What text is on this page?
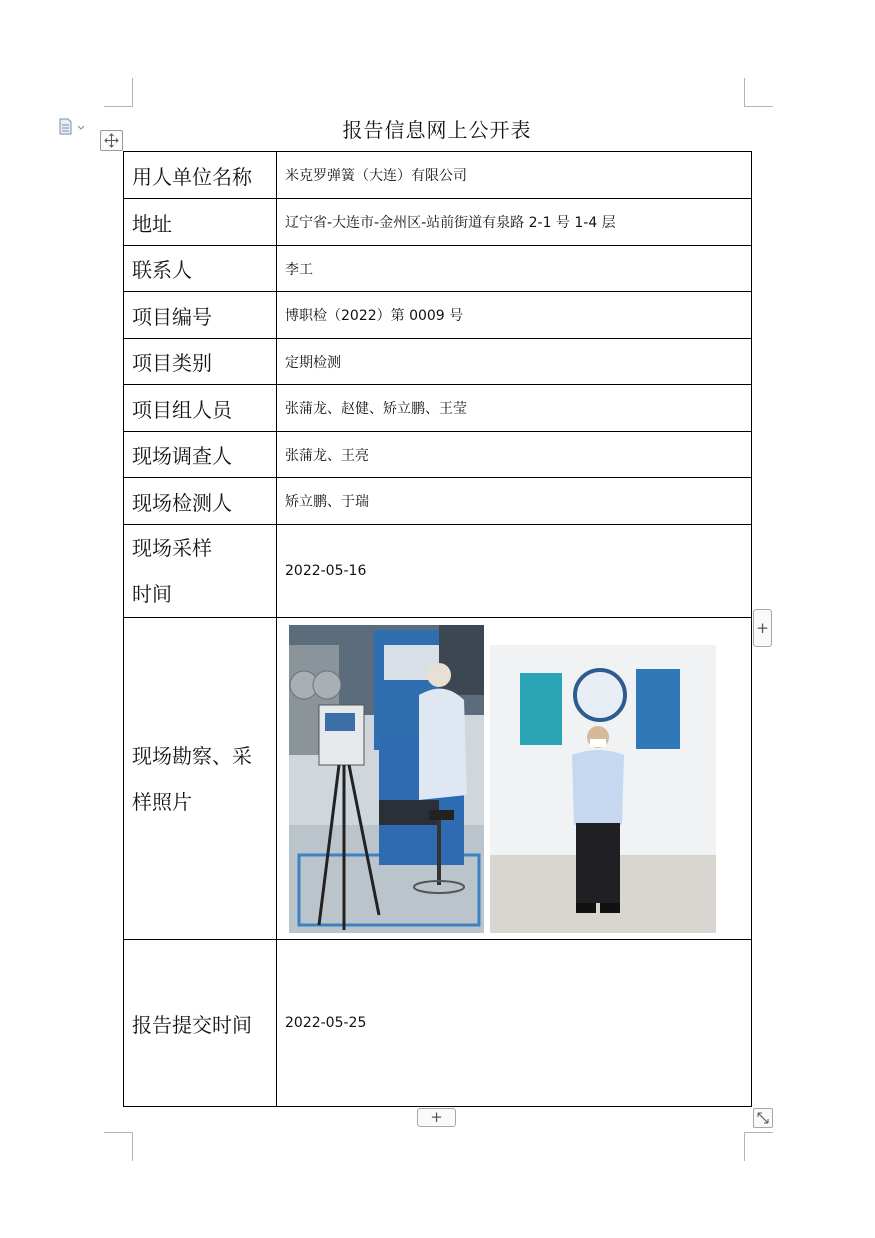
报告信息网上公开表
用人单位名称	米克罗弹簧（大连）有限公司
地址	辽宁省-大连市-金州区-站前街道有泉路 2-1 号 1-4 层
联系人	李工
项目编号	博职检（2022）第 0009 号
项目类别	定期检测
项目组人员	张蒲龙、赵健、矫立鹏、王莹
现场调查人	张蒲龙、王亮
现场检测人	矫立鹏、于瑞

现场采样
时间	2022-05-16

现场勘察、采
样照片

报告提交时间	2022-05-25
+
+
